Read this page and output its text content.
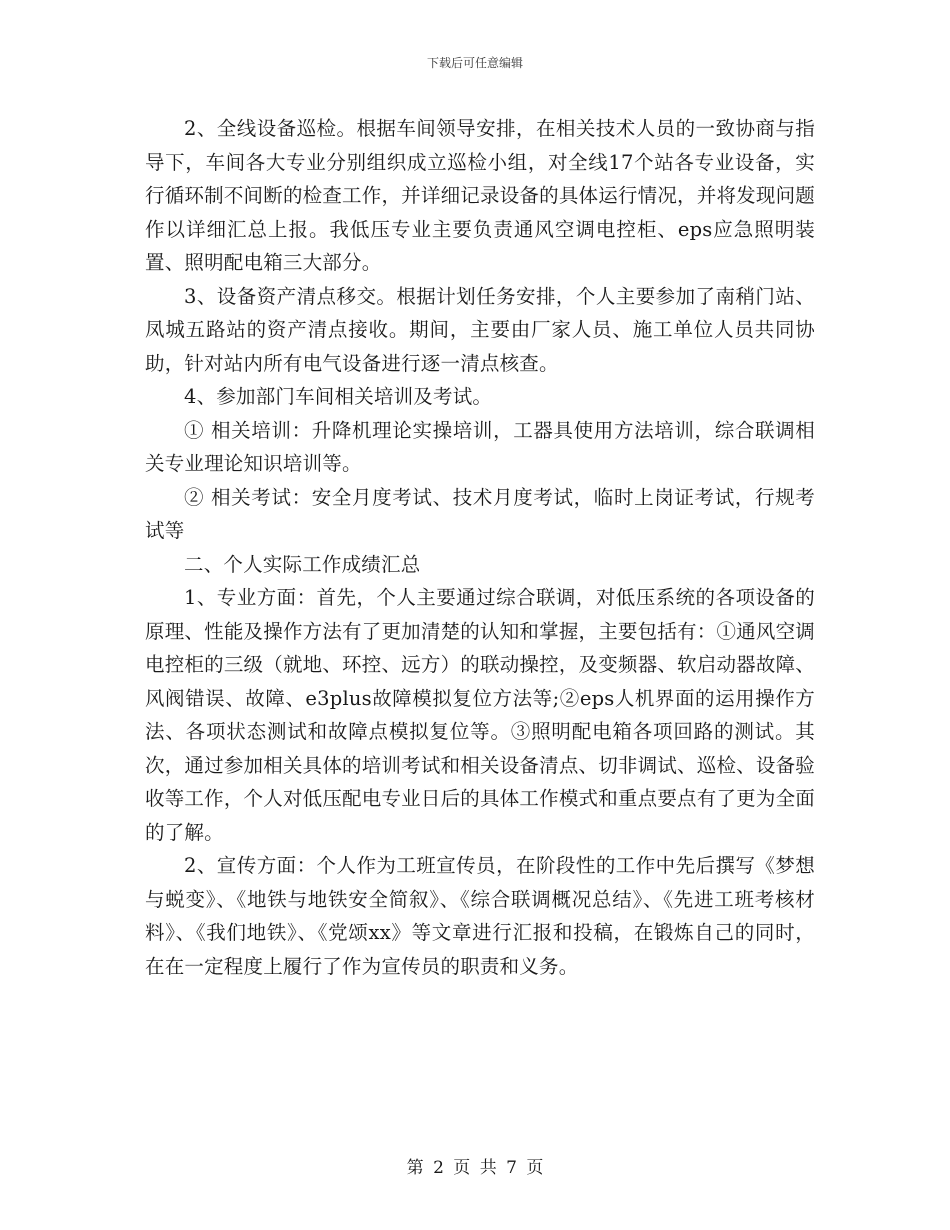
下载后可任意编辑

2、全线设备巡检。根据车间领导安排，在相关技术人员的一致协商与指导下，车间各大专业分别组织成立巡检小组，对全线17个站各专业设备，实行循环制不间断的检查工作，并详细记录设备的具体运行情况，并将发现问题作以详细汇总上报。我低压专业主要负责通风空调电控柜、eps应急照明装置、照明配电箱三大部分。

3、设备资产清点移交。根据计划任务安排，个人主要参加了南稍门站、凤城五路站的资产清点接收。期间，主要由厂家人员、施工单位人员共同协助，针对站内所有电气设备进行逐一清点核查。

4、参加部门车间相关培训及考试。

① 相关培训：升降机理论实操培训，工器具使用方法培训，综合联调相关专业理论知识培训等。

② 相关考试：安全月度考试、技术月度考试，临时上岗证考试，行规考试等

二、个人实际工作成绩汇总

1、专业方面：首先，个人主要通过综合联调，对低压系统的各项设备的原理、性能及操作方法有了更加清楚的认知和掌握，主要包括有：①通风空调电控柜的三级（就地、环控、远方）的联动操控，及变频器、软启动器故障、风阀错误、故障、e3plus故障模拟复位方法等;②eps人机界面的运用操作方法、各项状态测试和故障点模拟复位等。③照明配电箱各项回路的测试。其次，通过参加相关具体的培训考试和相关设备清点、切非调试、巡检、设备验收等工作，个人对低压配电专业日后的具体工作模式和重点要点有了更为全面的了解。

2、宣传方面：个人作为工班宣传员，在阶段性的工作中先后撰写《梦想与蜕变》、《地铁与地铁安全简叙》、《综合联调概况总结》、《先进工班考核材料》、《我们地铁》、《党颂xx》等文章进行汇报和投稿，在锻炼自己的同时，在在一定程度上履行了作为宣传员的职责和义务。

第 2 页 共 7 页
